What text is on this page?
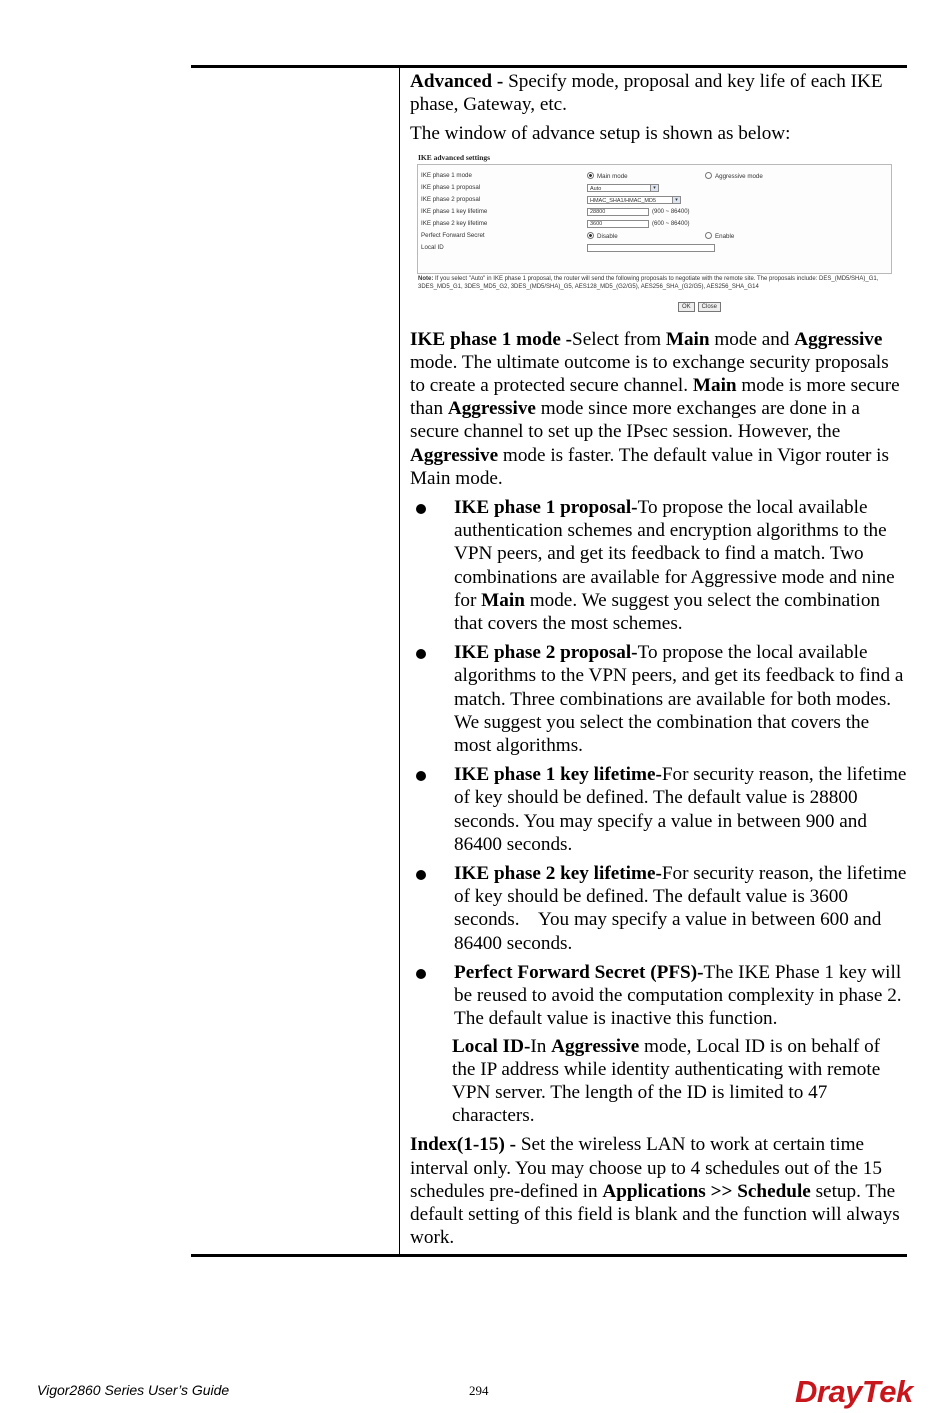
Advanced - Specify mode, proposal and key life of each IKE phase, Gateway, etc.

The window of advance setup is shown as below:

IKE advanced settings
IKE phase 1 mode	Main mode	Aggressive mode
IKE phase 1 proposal	Auto	▾
IKE phase 2 proposal	HMAC_SHA1/HMAC_MD5	▾
IKE phase 1 key lifetime	28800	(900 ~ 86400)
IKE phase 2 key lifetime	3600	(600 ~ 86400)
Perfect Forward Secret	Disable	Enable
Local ID
Note: If you select "Auto" in IKE phase 1 proposal, the router will send the following proposals to negotiate with the remote site. The proposals include: DES_(MD5/SHA)_G1, 3DES_MD5_G1, 3DES_MD5_G2, 3DES_(MD5/SHA)_G5, AES128_MD5_(G2/G5), AES256_SHA_(G2/G5), AES256_SHA_G14
OK Close

IKE phase 1 mode -Select from Main mode and Aggressive mode. The ultimate outcome is to exchange security proposals to create a protected secure channel. Main mode is more secure than Aggressive mode since more exchanges are done in a secure channel to set up the IPsec session. However, the Aggressive mode is faster. The default value in Vigor router is Main mode.

IKE phase 1 proposal-To propose the local available authentication schemes and encryption algorithms to the VPN peers, and get its feedback to find a match. Two combinations are available for Aggressive mode and nine for Main mode. We suggest you select the combination that covers the most schemes.
IKE phase 2 proposal-To propose the local available algorithms to the VPN peers, and get its feedback to find a match. Three combinations are available for both modes. We suggest you select the combination that covers the most algorithms.
IKE phase 1 key lifetime-For security reason, the lifetime of key should be defined. The default value is 28800 seconds. You may specify a value in between 900 and 86400 seconds.
IKE phase 2 key lifetime-For security reason, the lifetime of key should be defined. The default value is 3600 seconds.    You may specify a value in between 600 and 86400 seconds.
Perfect Forward Secret (PFS)-The IKE Phase 1 key will be reused to avoid the computation complexity in phase 2. The default value is inactive this function.

Local ID-In Aggressive mode, Local ID is on behalf of the IP address while identity authenticating with remote VPN server. The length of the ID is limited to 47 characters.

Index(1-15) - Set the wireless LAN to work at certain time interval only. You may choose up to 4 schedules out of the 15 schedules pre-defined in Applications >> Schedule setup. The default setting of this field is blank and the function will always work.

Vigor2860 Series User’s Guide	294	DrayTek
